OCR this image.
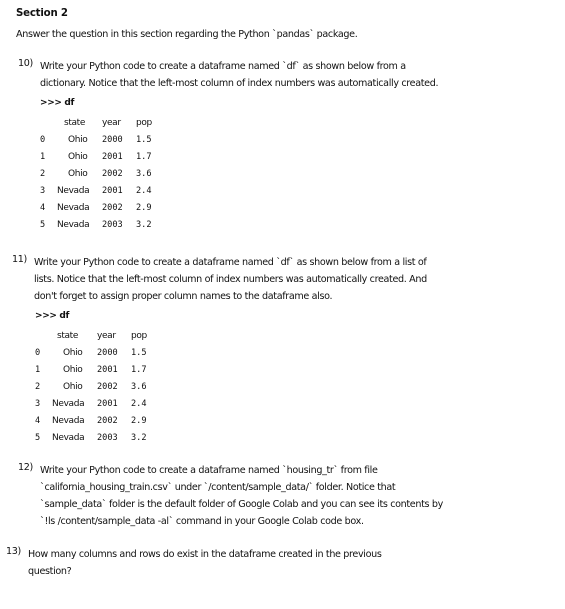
Section 2
Answer the question in this section regarding the Python `pandas` package.
10) Write your Python code to create a dataframe named `df` as shown below from a
dictionary. Notice that the left-most column of index numbers was automatically created.
>>> df
state year pop
0	Ohio 2000 1.5
1	Ohio 2001 1.7
2	Ohio 2002 3.6
3 Nevada 2001 2.4
4 Nevada 2002 2.9
5 Nevada 2003 3.2
11) Write your Python code to create a dataframe named `df` as shown below from a list of
lists. Notice that the left-most column of index numbers was automatically created. And
don't forget to assign proper column names to the dataframe also.
>>> df
state year pop
0	Ohio 2000 1.5
1	Ohio 2001 1.7
2	Ohio 2002 3.6
3 Nevada 2001 2.4
4 Nevada 2002 2.9
5 Nevada 2003 3.2
12) Write your Python code to create a dataframe named `housing_tr` from file
`california_housing_train.csv` under `/content/sample_data/` folder. Notice that
`sample_data` folder is the default folder of Google Colab and you can see its contents by
`!ls /content/sample_data -al` command in your Google Colab code box.
13) How many columns and rows do exist in the dataframe created in the previous
question?
